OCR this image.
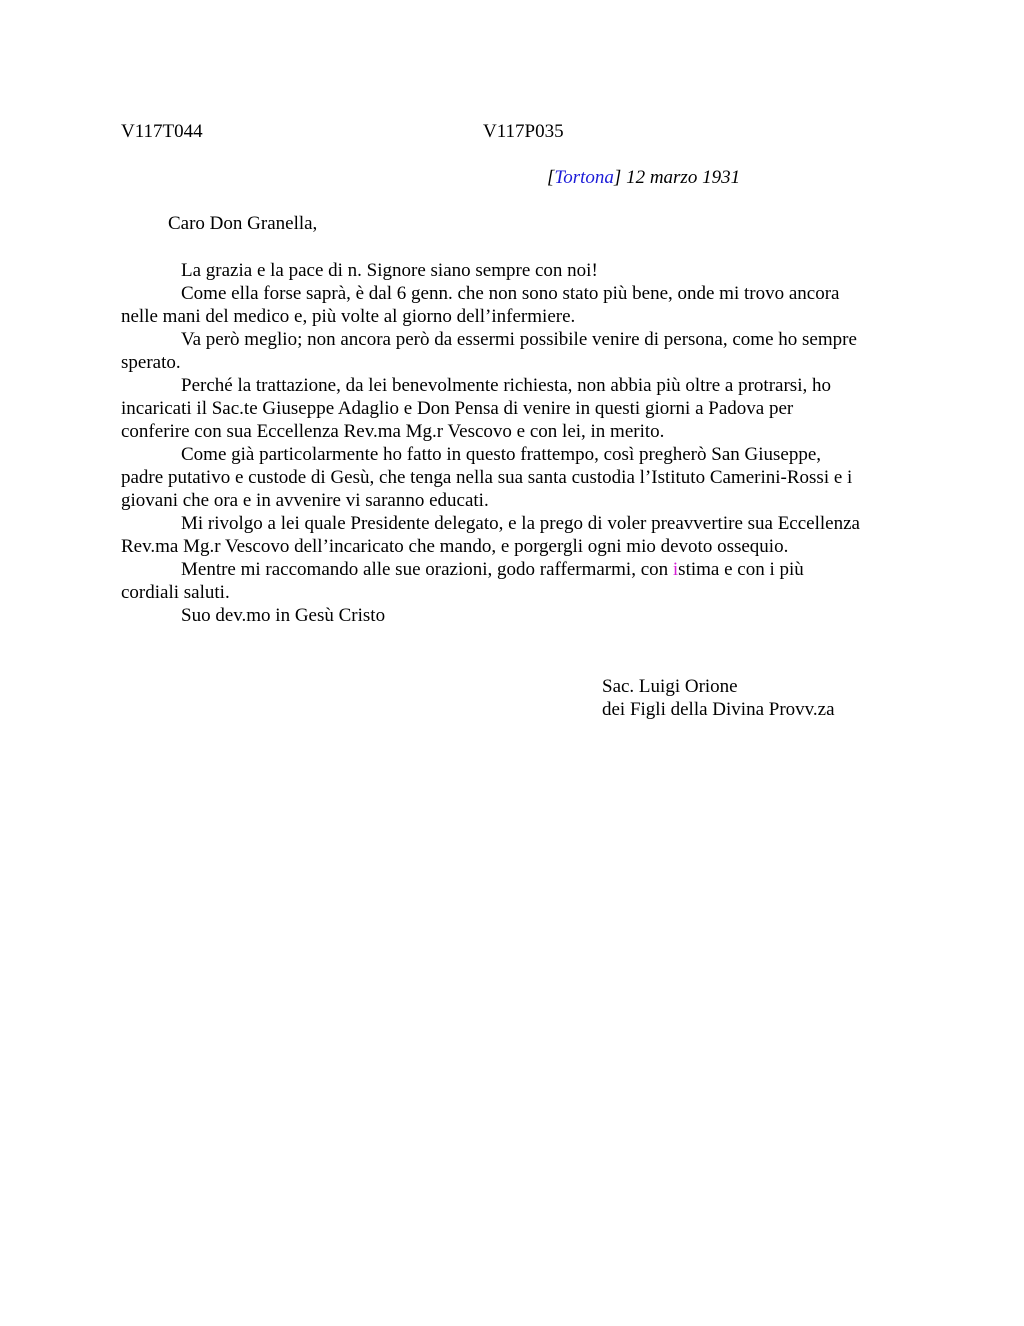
V117T044	V117P035
[Tortona] 12 marzo 1931
Caro Don Granella,

La grazia e la pace di n. Signore siano sempre con noi!

Come ella forse saprà, è dal 6 genn. che non sono stato più bene, onde mi trovo ancora nelle mani del medico e, più volte al giorno dell’infermiere.

Va però meglio; non ancora però da essermi possibile venire di persona, come ho sempre sperato.

Perché la trattazione, da lei benevolmente richiesta, non abbia più oltre a protrarsi, ho incaricati il Sac.te Giuseppe Adaglio e Don Pensa di venire in questi giorni a Padova per conferire con sua Eccellenza Rev.ma Mg.r Vescovo e con lei, in merito.

Come già particolarmente ho fatto in questo frattempo, così pregherò San Giuseppe, padre putativo e custode di Gesù, che tenga nella sua santa custodia l’Istituto Camerini-Rossi e i giovani che ora e in avvenire vi saranno educati.

Mi rivolgo a lei quale Presidente delegato, e la prego di voler preavvertire sua Eccellenza Rev.ma Mg.r Vescovo dell’incaricato che mando, e porgergli ogni mio devoto ossequio.

Mentre mi raccomando alle sue orazioni, godo raffermarmi, con istima e con i più cordiali saluti.

Suo dev.mo in Gesù Cristo

Sac. Luigi Orione
dei Figli della Divina Provv.za
